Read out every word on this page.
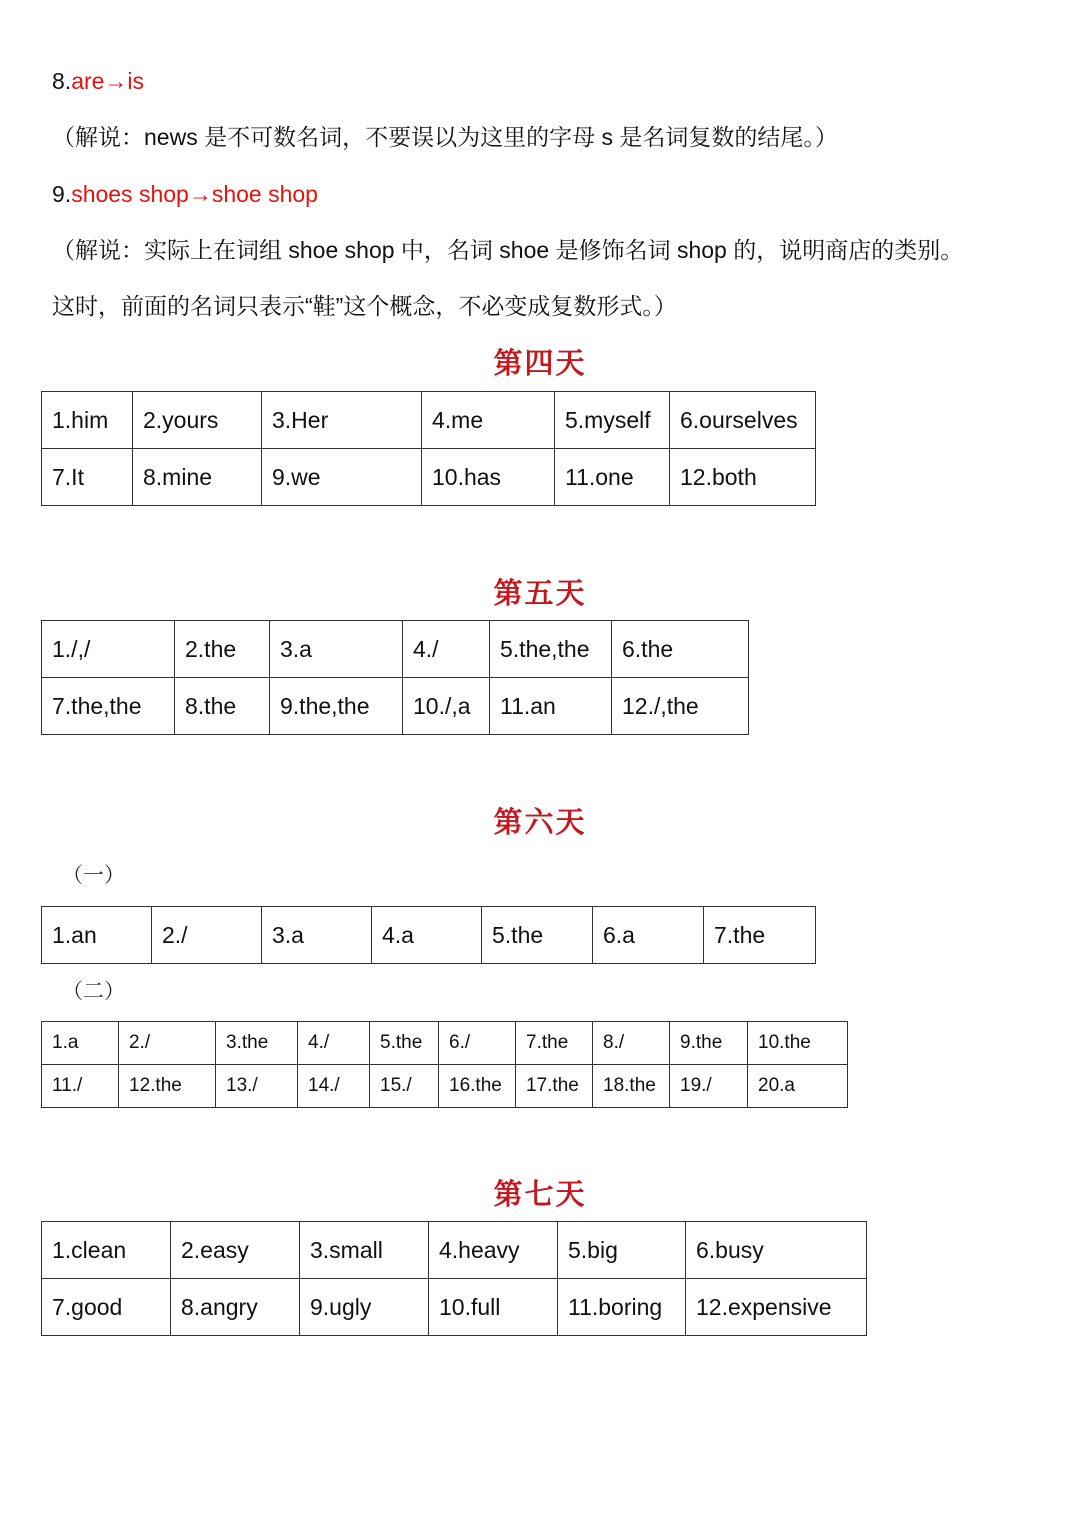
8.are→is
（解说：news 是不可数名词，不要误以为这里的字母 s 是名词复数的结尾。）
9.shoes shop→shoe shop
（解说：实际上在词组 shoe shop 中，名词 shoe 是修饰名词 shop 的，说明商店的类别。
这时，前面的名词只表示“鞋”这个概念，不必变成复数形式。）
第四天
1.him	2.yours	3.Her	4.me	5.myself	6.ourselves
7.It	8.mine	9.we	10.has	11.one	12.both
第五天
1./,/	2.the	3.a	4./	5.the,the	6.the
7.the,the	8.the	9.the,the	10./,a	11.an	12./,the
第六天
（一）
1.an	2./	3.a	4.a	5.the	6.a	7.the
（二）
1.a	2./	3.the	4./	5.the	6./	7.the	8./	9.the	10.the
11./	12.the	13./	14./	15./	16.the	17.the	18.the	19./	20.a
第七天
1.clean	2.easy	3.small	4.heavy	5.big	6.busy
7.good	8.angry	9.ugly	10.full	11.boring	12.expensive
